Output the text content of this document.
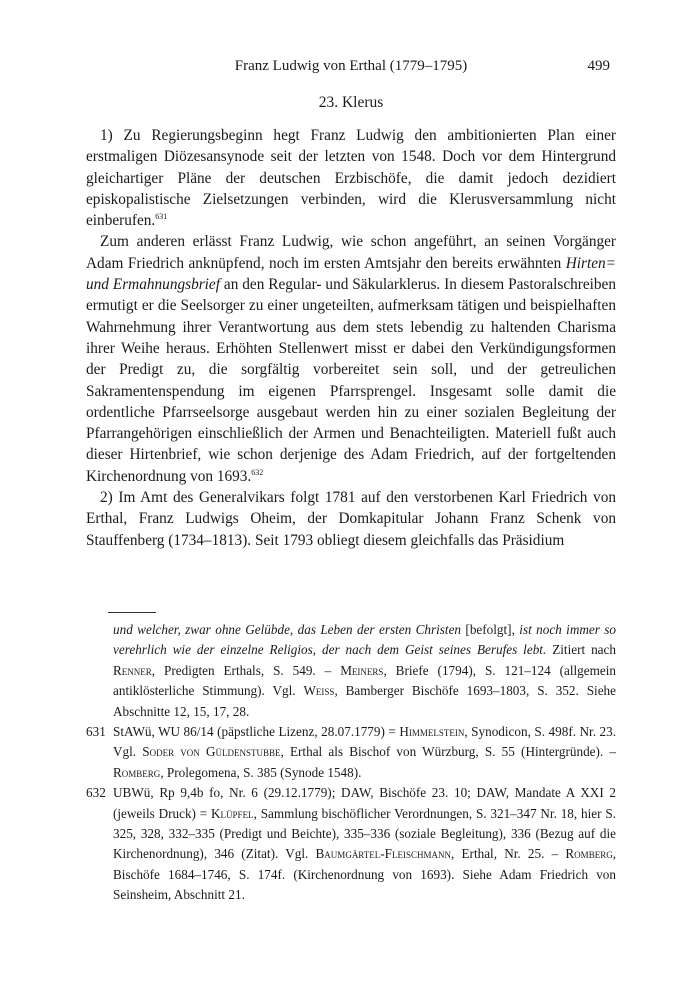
Franz Ludwig von Erthal (1779–1795)	499
23. Klerus

1) Zu Regierungsbeginn hegt Franz Ludwig den ambitionierten Plan einer erstmaligen Diözesansynode seit der letzten von 1548. Doch vor dem Hintergrund gleichartiger Pläne der deutschen Erzbischöfe, die damit jedoch dezidiert episkopalistische Zielsetzungen verbinden, wird die Klerusversammlung nicht einberufen.$^{631}$

Zum anderen erlässt Franz Ludwig, wie schon angeführt, an seinen Vorgänger Adam Friedrich anknüpfend, noch im ersten Amtsjahr den bereits erwähnten Hirten= und Ermahnungsbrief an den Regular- und Säkularklerus. In diesem Pastoralschreiben ermutigt er die Seelsorger zu einer ungeteilten, aufmerksam tätigen und beispielhaften Wahrnehmung ihrer Verantwortung aus dem stets lebendig zu haltenden Charisma ihrer Weihe heraus. Erhöhten Stellenwert misst er dabei den Verkündigungsformen der Predigt zu, die sorgfältig vorbereitet sein soll, und der getreulichen Sakramentenspendung im eigenen Pfarrsprengel. Insgesamt solle damit die ordentliche Pfarrseelsorge ausgebaut werden hin zu einer sozialen Begleitung der Pfarrangehörigen einschließlich der Armen und Benachteiligten. Materiell fußt auch dieser Hirtenbrief, wie schon derjenige des Adam Friedrich, auf der fortgeltenden Kirchenordnung von 1693.$^{632}$

2) Im Amt des Generalvikars folgt 1781 auf den verstorbenen Karl Friedrich von Erthal, Franz Ludwigs Oheim, der Domkapitular Johann Franz Schenk von Stauffenberg (1734–1813). Seit 1793 obliegt diesem gleichfalls das Präsidium

und welcher, zwar ohne Gelübde, das Leben der ersten Christen [befolgt], ist noch immer so verehrlich wie der einzelne Religios, der nach dem Geist seines Berufes lebt. Zitiert nach Renner, Predigten Erthals, S. 549. – Meiners, Briefe (1794), S. 121–124 (allgemein antiklösterliche Stimmung). Vgl. Weiss, Bamberger Bischöfe 1693–1803, S. 352. Siehe Abschnitte 12, 15, 17, 28.

631 StAWü, WU 86/14 (päpstliche Lizenz, 28.07.1779) = Himmelstein, Synodicon, S. 498f. Nr. 23. Vgl. Soder von Güldenstubbe, Erthal als Bischof von Würzburg, S. 55 (Hintergründe). – Romberg, Prolegomena, S. 385 (Synode 1548).

632 UBWü, Rp 9,4b fo, Nr. 6 (29.12.1779); DAW, Bischöfe 23. 10; DAW, Mandate A XXI 2 (jeweils Druck) = Klüpfel, Sammlung bischöflicher Verordnungen, S. 321–347 Nr. 18, hier S. 325, 328, 332–335 (Predigt und Beichte), 335–336 (soziale Begleitung), 336 (Bezug auf die Kirchenordnung), 346 (Zitat). Vgl. Baumgärtel-Fleischmann, Erthal, Nr. 25. – Romberg, Bischöfe 1684–1746, S. 174f. (Kirchenordnung von 1693). Siehe Adam Friedrich von Seinsheim, Abschnitt 21.
